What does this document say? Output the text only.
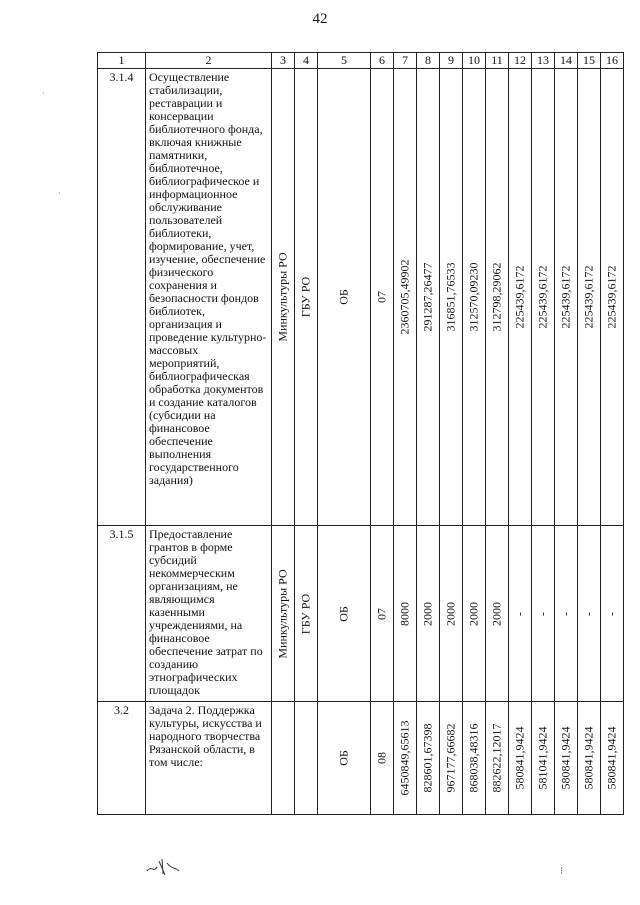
42
1	2	3	4	5	6	7	8	9	10	11	12	13	14	15	16
3.1.4	Осуществление стабилизации, реставрации и консервации библиотечного фонда, включая книжные памятники, библиотечное, библиографическое и информационное обслуживание пользователей библиотеки, формирование, учет, изучение, обеспечение физического сохранения и безопасности фондов библиотек, организация и проведение культурно-массовых мероприятий, библиографическая обработка документов и создание каталогов (субсидии на финансовое обеспечение выполнения государственного задания)	Минкультуры РО	ГБУ РО	ОБ	07	2360705,49902	291287,26477	316851,76533	312570,09230	312798,29062	225439,6172	225439,6172	225439,6172	225439,6172	225439,6172

3.1.5	Предоставление грантов в форме субсидий некоммерческим организациям, не являющимся казенными учреждениями, на финансовое обеспечение затрат по созданию этнографических площадок	Минкультуры РО	ГБУ РО	ОБ	07	8000	2000	2000	2000	2000	-	-	-	-	-

3.2	Задача 2. Поддержка культуры, искусства и народного творчества Рязанской области, в том числе:			ОБ	08	6450849,65613	828601,67398	967177,66682	868038,48316	882622,12017	580841,9424	581041,9424	580841,9424	580841,9424	580841,9424
⁝
·
·
